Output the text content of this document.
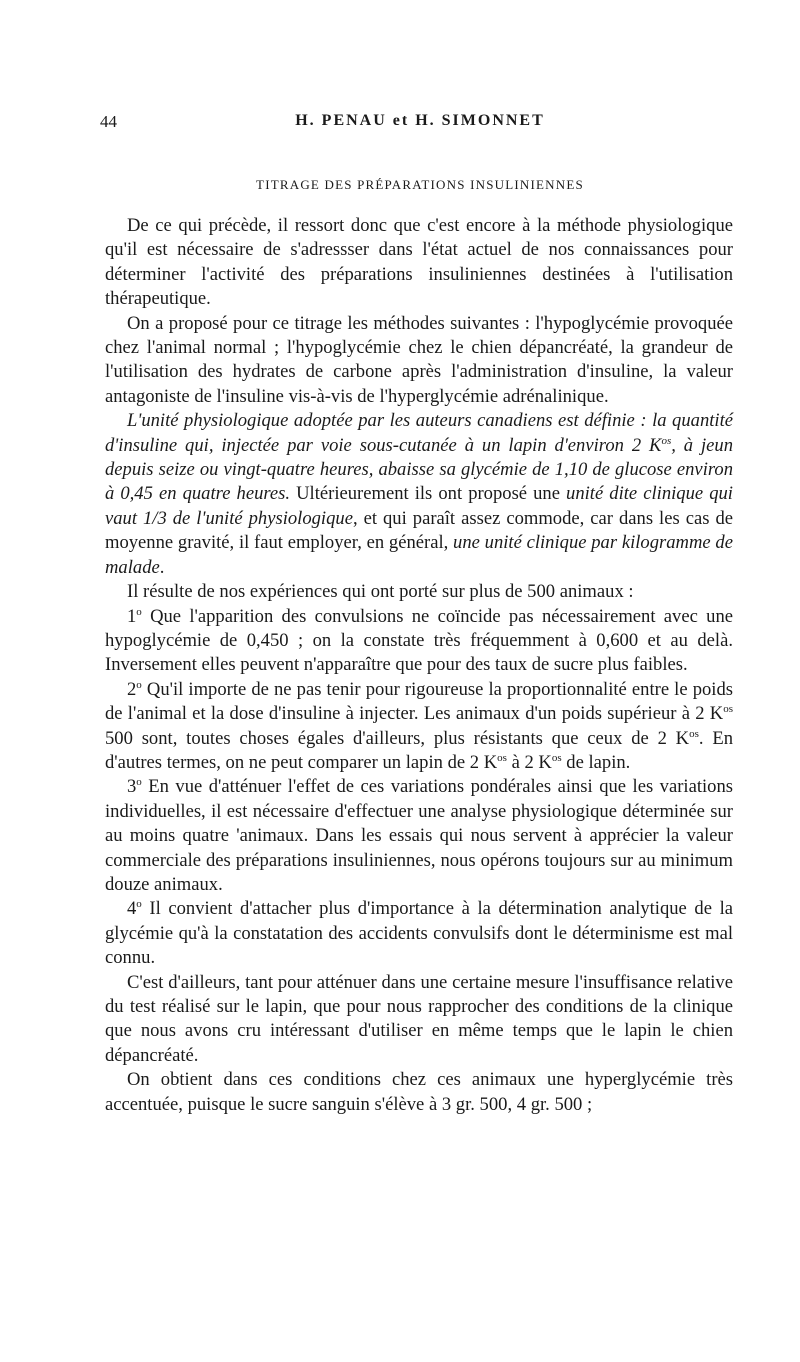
44	H. PENAU et H. SIMONNET
TITRAGE DES PRÉPARATIONS INSULINIENNES

De ce qui précède, il ressort donc que c'est encore à la méthode physiologique qu'il est nécessaire de s'adressser dans l'état actuel de nos connaissances pour déterminer l'activité des préparations insuliniennes destinées à l'utilisation thérapeutique.

On a proposé pour ce titrage les méthodes suivantes : l'hypoglycémie provoquée chez l'animal normal ; l'hypoglycémie chez le chien dépancréaté, la grandeur de l'utilisation des hydrates de carbone après l'administration d'insuline, la valeur antagoniste de l'insuline vis-à-vis de l'hyperglycémie adrénalinique.

L'unité physiologique adoptée par les auteurs canadiens est définie : la quantité d'insuline qui, injectée par voie sous-cutanée à un lapin d'environ 2 $K^{os}$, à jeun depuis seize ou vingt-quatre heures, abaisse sa glycémie de 1,10 de glucose environ à 0,45 en quatre heures. Ultérieurement ils ont proposé une unité dite clinique qui vaut 1/3 de l'unité physiologique, et qui paraît assez commode, car dans les cas de moyenne gravité, il faut employer, en général, une unité clinique par kilogramme de malade.

Il résulte de nos expériences qui ont porté sur plus de 500 animaux :

1$^o$ Que l'apparition des convulsions ne coïncide pas nécessairement avec une hypoglycémie de 0,450 ; on la constate très fréquemment à 0,600 et au delà. Inversement elles peuvent n'apparaître que pour des taux de sucre plus faibles.

2$^o$ Qu'il importe de ne pas tenir pour rigoureuse la proportionnalité entre le poids de l'animal et la dose d'insuline à injecter. Les animaux d'un poids supérieur à 2 $K^{os}$ 500 sont, toutes choses égales d'ailleurs, plus résistants que ceux de 2 $K^{os}$. En d'autres termes, on ne peut comparer un lapin de 2 $K^{os}$ à 2 $K^{os}$ de lapin.

3$^o$ En vue d'atténuer l'effet de ces variations pondérales ainsi que les variations individuelles, il est nécessaire d'effectuer une analyse physiologique déterminée sur au moins quatre 'animaux. Dans les essais qui nous servent à apprécier la valeur commerciale des préparations insuliniennes, nous opérons toujours sur au minimum douze animaux.

4$^o$ Il convient d'attacher plus d'importance à la détermination analytique de la glycémie qu'à la constatation des accidents convulsifs dont le déterminisme est mal connu.

C'est d'ailleurs, tant pour atténuer dans une certaine mesure l'insuffisance relative du test réalisé sur le lapin, que pour nous rapprocher des conditions de la clinique que nous avons cru intéressant d'utiliser en même temps que le lapin le chien dépancréaté.

On obtient dans ces conditions chez ces animaux une hyperglycémie très accentuée, puisque le sucre sanguin s'élève à 3 gr. 500, 4 gr. 500 ;
